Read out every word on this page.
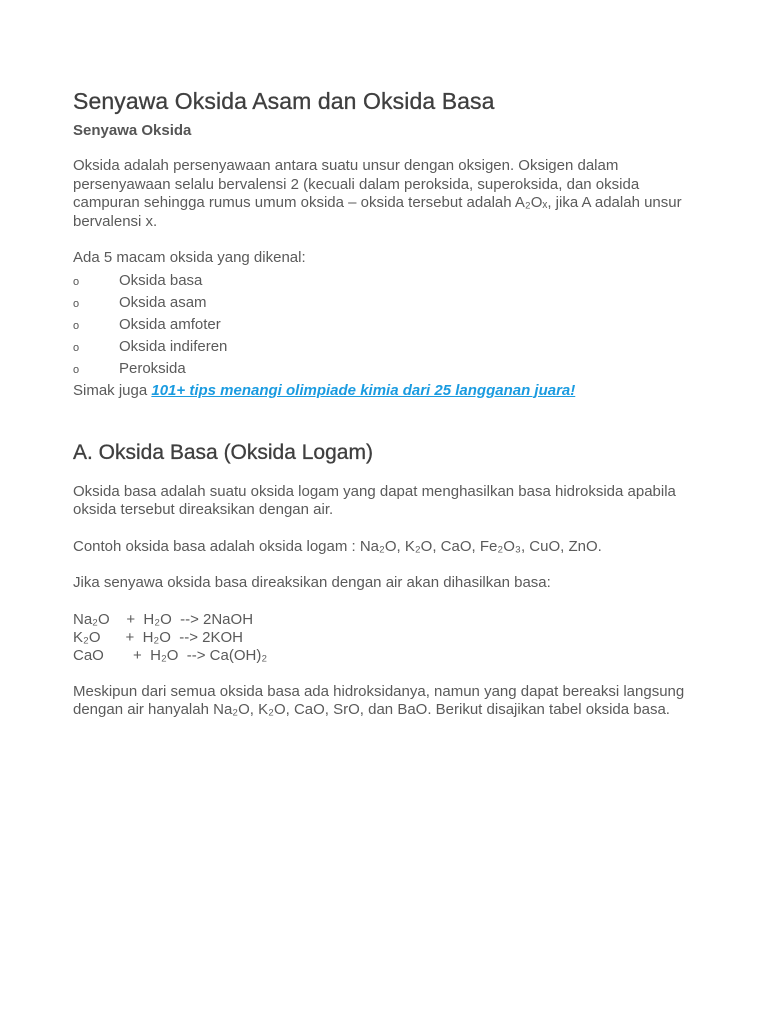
Senyawa Oksida Asam dan Oksida Basa
Senyawa Oksida

Oksida adalah persenyawaan antara suatu unsur dengan oksigen. Oksigen dalam persenyawaan selalu bervalensi 2 (kecuali dalam peroksida, superoksida, dan oksida campuran sehingga rumus umum oksida – oksida tersebut adalah A₂Oₓ, jika A adalah unsur bervalensi x.

Ada 5 macam oksida yang dikenal:

o	Oksida basa
o	Oksida asam
o	Oksida amfoter
o	Oksida indiferen
o	Peroksida

Simak juga 101+ tips menangi olimpiade kimia dari 25 langganan juara!

A. Oksida Basa (Oksida Logam)

Oksida basa adalah suatu oksida logam yang dapat menghasilkan basa hidroksida apabila oksida tersebut direaksikan dengan air.

Contoh oksida basa adalah oksida logam : Na₂O, K₂O, CaO, Fe₂O₃, CuO, ZnO.

Jika senyawa oksida basa direaksikan dengan air akan dihasilkan basa:

Na₂O    +  H₂O  --> 2NaOH

K₂O      +  H₂O  --> 2KOH

CaO       +  H₂O  --> Ca(OH)₂

Meskipun dari semua oksida basa ada hidroksidanya, namun yang dapat bereaksi langsung dengan air hanyalah Na₂O, K₂O, CaO, SrO, dan BaO. Berikut disajikan tabel oksida basa.
